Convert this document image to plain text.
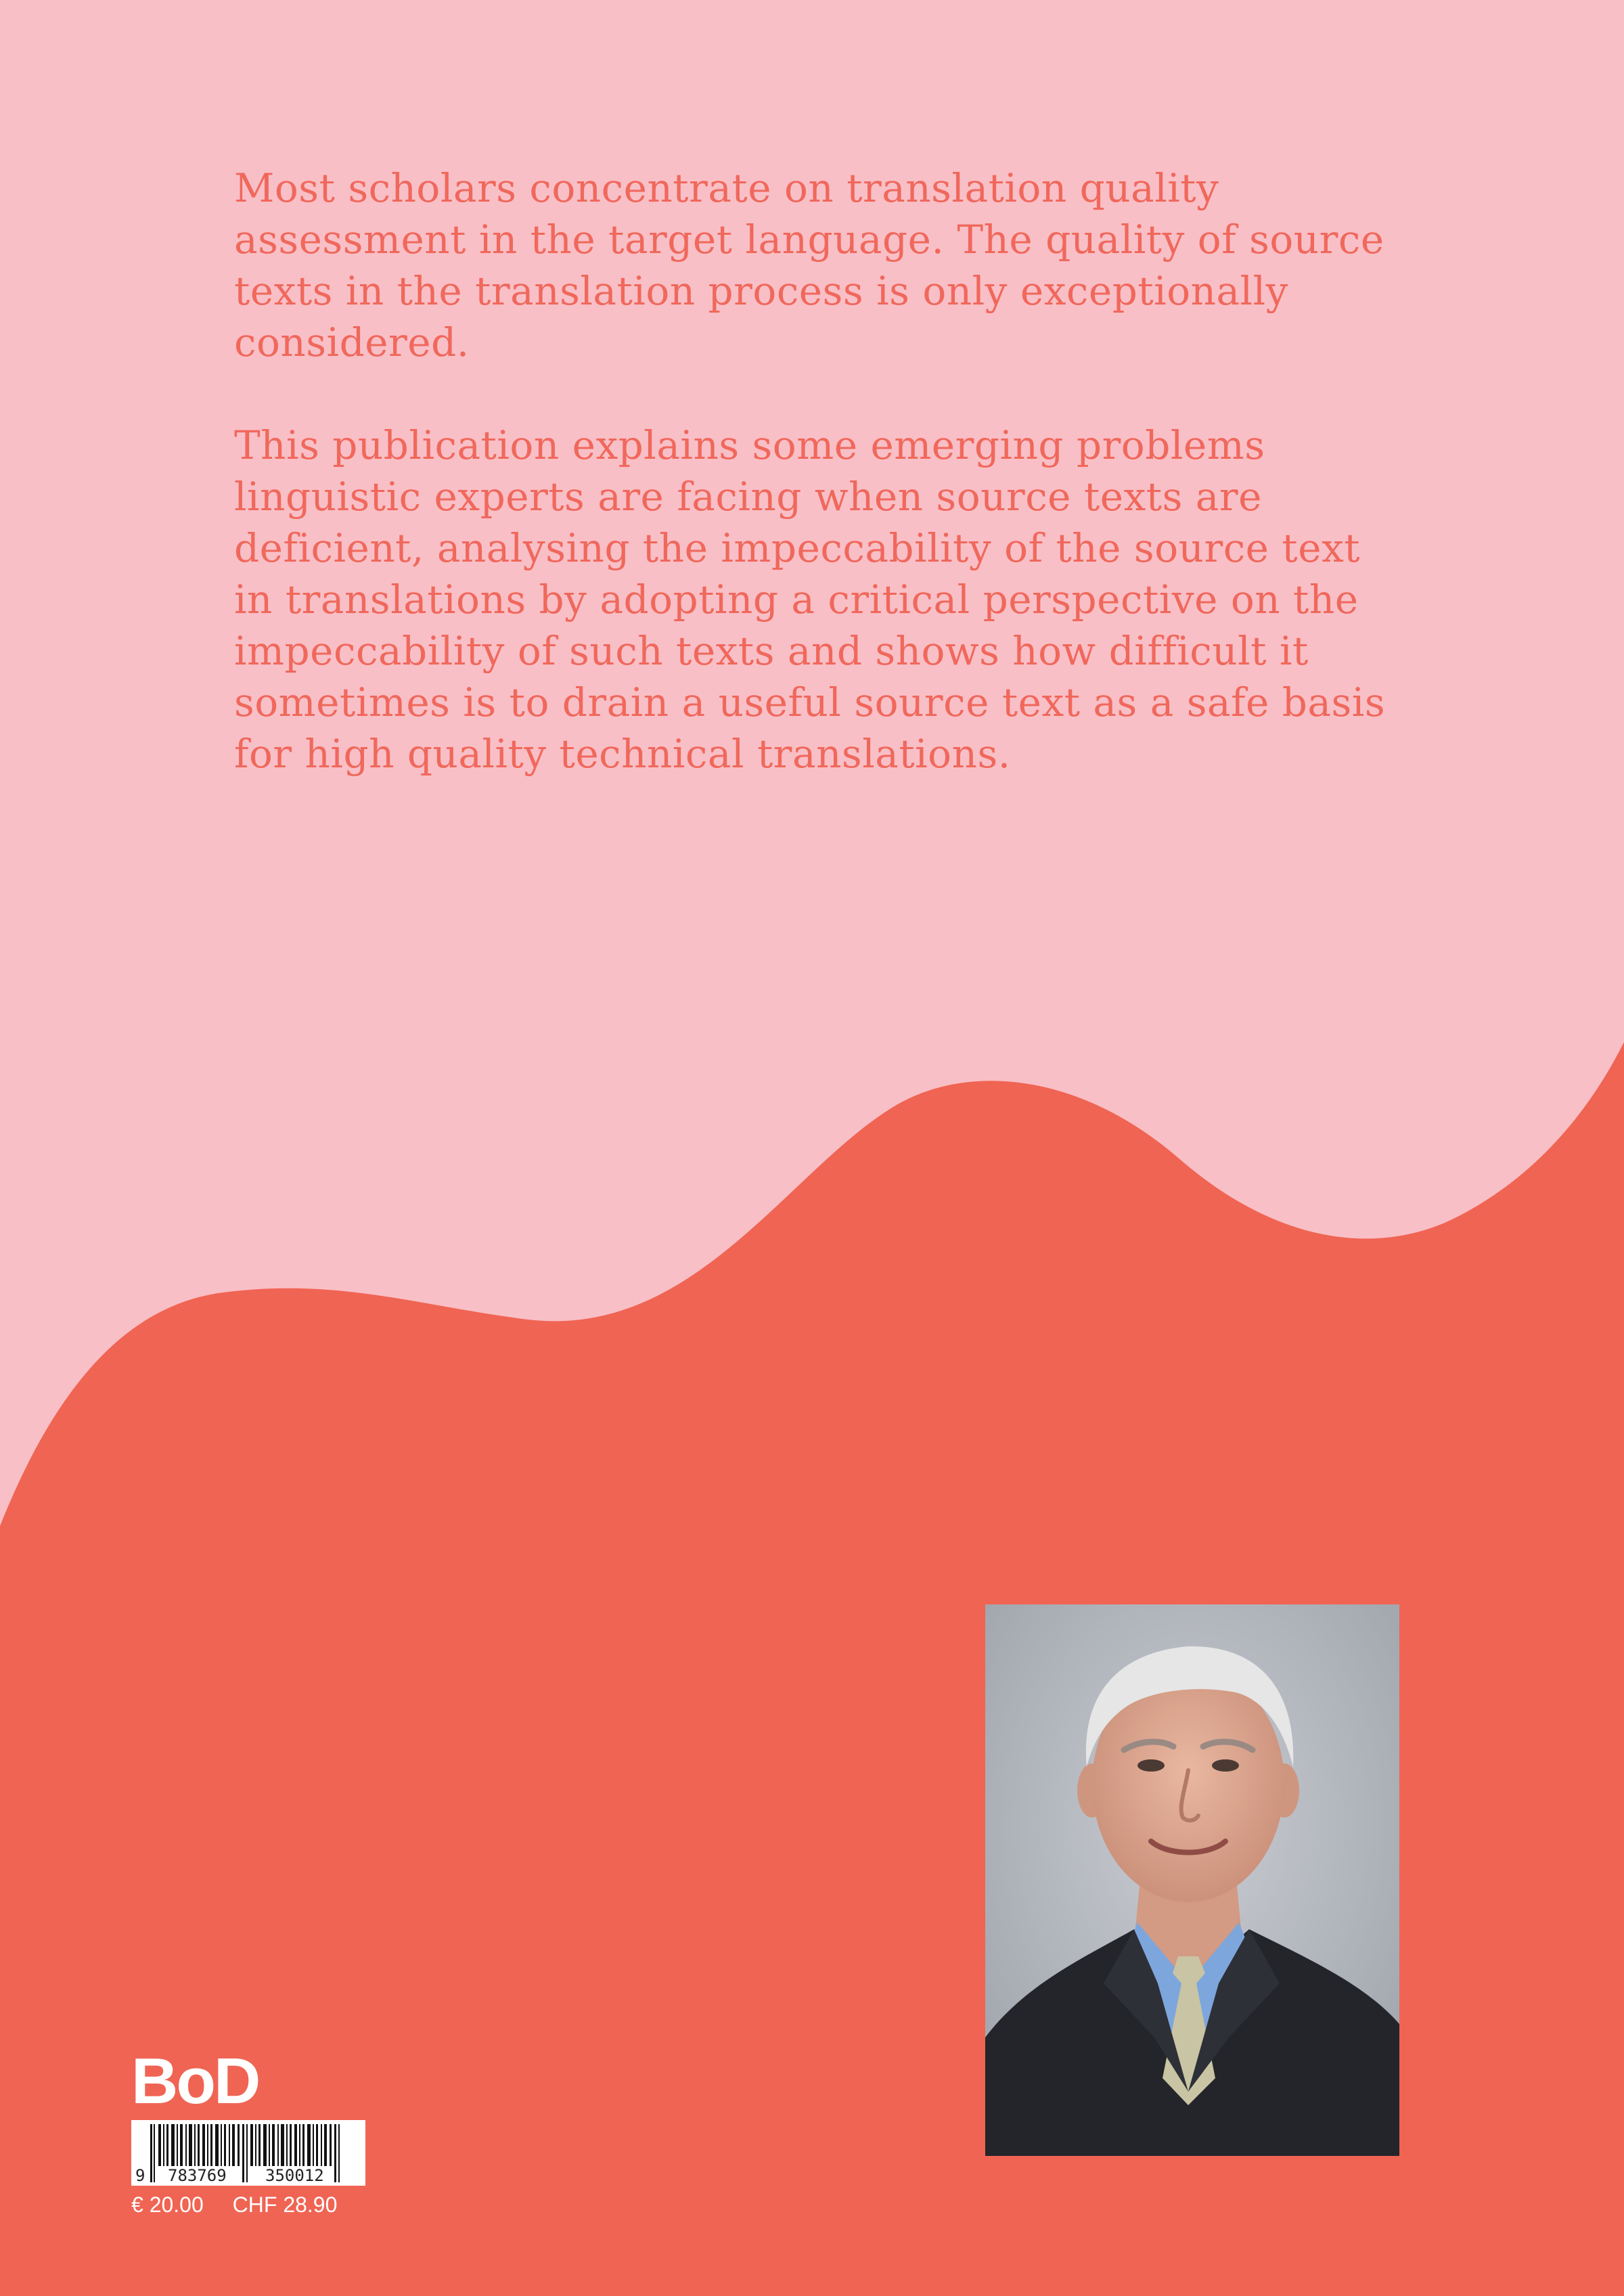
Most scholars concentrate on translation quality assessment in the target language. The quality of source texts in the translation process is only exceptionally considered.

This publication explains some emerging problems linguistic experts are facing when source texts are deficient, analysing the impeccability of the source text in translations by adopting a critical perspective on the impeccability of such texts and shows how difficult it sometimes is to drain a useful source text as a safe basis for high quality technical translations.

BoD
9 783769 350012
€ 20.00 CHF 28.90
